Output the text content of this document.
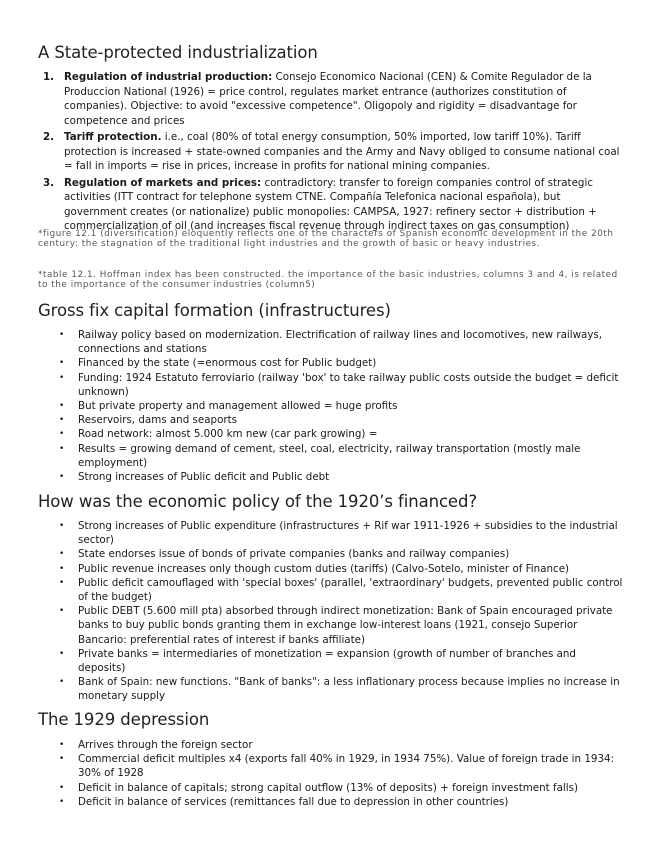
A State-protected industrialization
1. Regulation of industrial production: Consejo Economico Nacional (CEN) & Comite Regulador de la Produccion National (1926) = price control, regulates market entrance (authorizes constitution of companies). Objective: to avoid "excessive competence". Oligopoly and rigidity = disadvantage for competence and prices
2. Tariff protection. i.e., coal (80% of total energy consumption, 50% imported, low tariff 10%). Tariff protection is increased + state-owned companies and the Army and Navy obliged to consume national coal = fall in imports = rise in prices, increase in profits for national mining companies.
3. Regulation of markets and prices: contradictory: transfer to foreign companies control of strategic activities (ITT contract for telephone system CTNE. Compañía Telefonica nacional española), but government creates (or nationalize) public monopolies: CAMPSA, 1927: refinery sector + distribution + commercialization of oil (and increases fiscal revenue through indirect taxes on gas consumption)

*figure 12.1 (diversification) eloquently reflects one of the characters of Spanish economic development in the 20th century: the stagnation of the traditional light industries and the growth of basic or heavy industries.

*table 12.1. Hoffman index has been constructed. the importance of the basic industries, columns 3 and 4, is related to the importance of the consumer industries (column5)

Gross fix capital formation (infrastructures)
• Railway policy based on modernization. Electrification of railway lines and locomotives, new railways, connections and stations
• Financed by the state (=enormous cost for Public budget)
• Funding: 1924 Estatuto ferroviario (railway 'box' to take railway public costs outside the budget = deficit unknown)
• But private property and management allowed = huge profits
• Reservoirs, dams and seaports
• Road network: almost 5.000 km new (car park growing) =
• Results = growing demand of cement, steel, coal, electricity, railway transportation (mostly male employment)
• Strong increases of Public deficit and Public debt
How was the economic policy of the 1920’s financed?
• Strong increases of Public expenditure (infrastructures + Rif war 1911-1926 + subsidies to the industrial sector)
• State endorses issue of bonds of private companies (banks and railway companies)
• Public revenue increases only though custom duties (tariffs) (Calvo-Sotelo, minister of Finance)
• Public deficit camouflaged with 'special boxes' (parallel, 'extraordinary' budgets, prevented public control of the budget)
• Public DEBT (5.600 mill pta) absorbed through indirect monetization: Bank of Spain encouraged private banks to buy public bonds granting them in exchange low-interest loans (1921, consejo Superior Bancario: preferential rates of interest if banks affiliate)
• Private banks = intermediaries of monetization = expansion (growth of number of branches and deposits)
• Bank of Spain: new functions. "Bank of banks": a less inflationary process because implies no increase in monetary supply
The 1929 depression
• Arrives through the foreign sector
• Commercial deficit multiples x4 (exports fall 40% in 1929, in 1934 75%). Value of foreign trade in 1934: 30% of 1928
• Deficit in balance of capitals; strong capital outflow (13% of deposits) + foreign investment falls)
• Deficit in balance of services (remittances fall due to depression in other countries)
